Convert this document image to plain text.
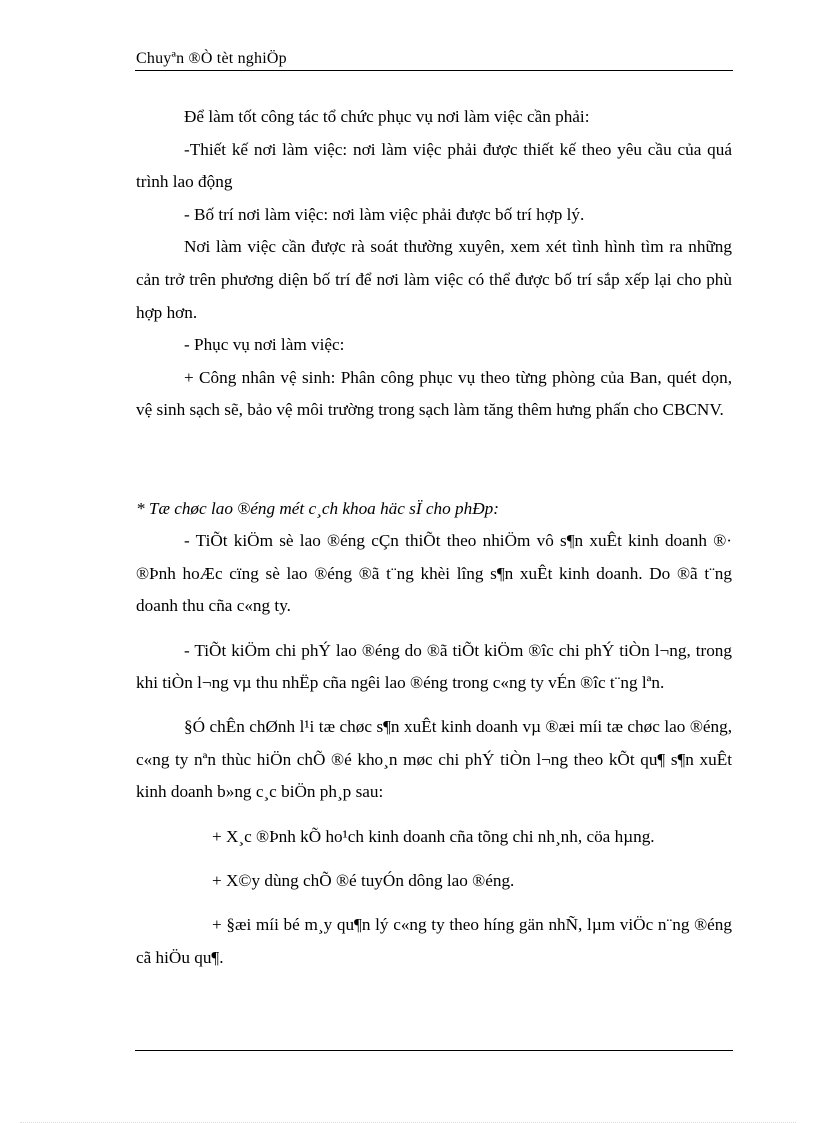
Chuyªn ®Ò tèt nghiÖp

Để làm tốt công tác tổ chức phục vụ nơi làm việc cần phải:

-Thiết kế nơi làm việc: nơi làm việc phải được thiết kế theo yêu cầu của quá trình lao động

- Bố trí nơi làm việc: nơi làm việc phải được bố trí hợp lý.

Nơi làm việc cần được rà soát thường xuyên, xem xét tình hình tìm ra những cản trở trên phương diện bố trí để nơi làm việc có thể được bố trí sắp xếp lại cho phù hợp hơn.

- Phục vụ nơi làm việc:

+ Công nhân vệ sinh: Phân công phục vụ theo từng phòng của Ban, quét dọn, vệ sinh sạch sẽ, bảo vệ môi trường trong sạch làm tăng thêm hưng phấn cho CBCNV.

* Tæ chøc lao ®éng mét c¸ch khoa häc sÏ cho phÐp:

- TiÕt kiÖm sè lao ®éng cÇn thiÕt theo nhiÖm vô s¶n xuÊt kinh doanh ®· ®Þnh hoÆc cïng sè lao ®éng ®ã t¨ng khèi lîng s¶n xuÊt kinh doanh. Do ®ã t¨ng doanh thu cña c«ng ty.

- TiÕt kiÖm chi phÝ lao ®éng do ®ã tiÕt kiÖm ®îc chi phÝ tiÒn l¬ng, trong khi tiÒn l¬ng vµ thu nhËp cña ngêi lao ®éng trong c«ng ty vÉn ®îc t¨ng lªn.

§Ó chÊn chØnh l¹i tæ chøc s¶n xuÊt kinh doanh vµ ®æi míi tæ chøc lao ®éng, c«ng ty nªn thùc hiÖn chÕ ®é kho¸n møc chi phÝ tiÒn l¬ng theo kÕt qu¶ s¶n xuÊt kinh doanh b»ng c¸c biÖn ph¸p sau:

+ X¸c ®Þnh kÕ ho¹ch kinh doanh cña tõng chi nh¸nh, cöa hµng.

+ X©y dùng chÕ ®é tuyÓn dông lao ®éng.

+ §æi míi bé m¸y qu¶n lý c«ng ty theo híng gän nhÑ, lµm viÖc n¨ng ®éng cã hiÖu qu¶.
